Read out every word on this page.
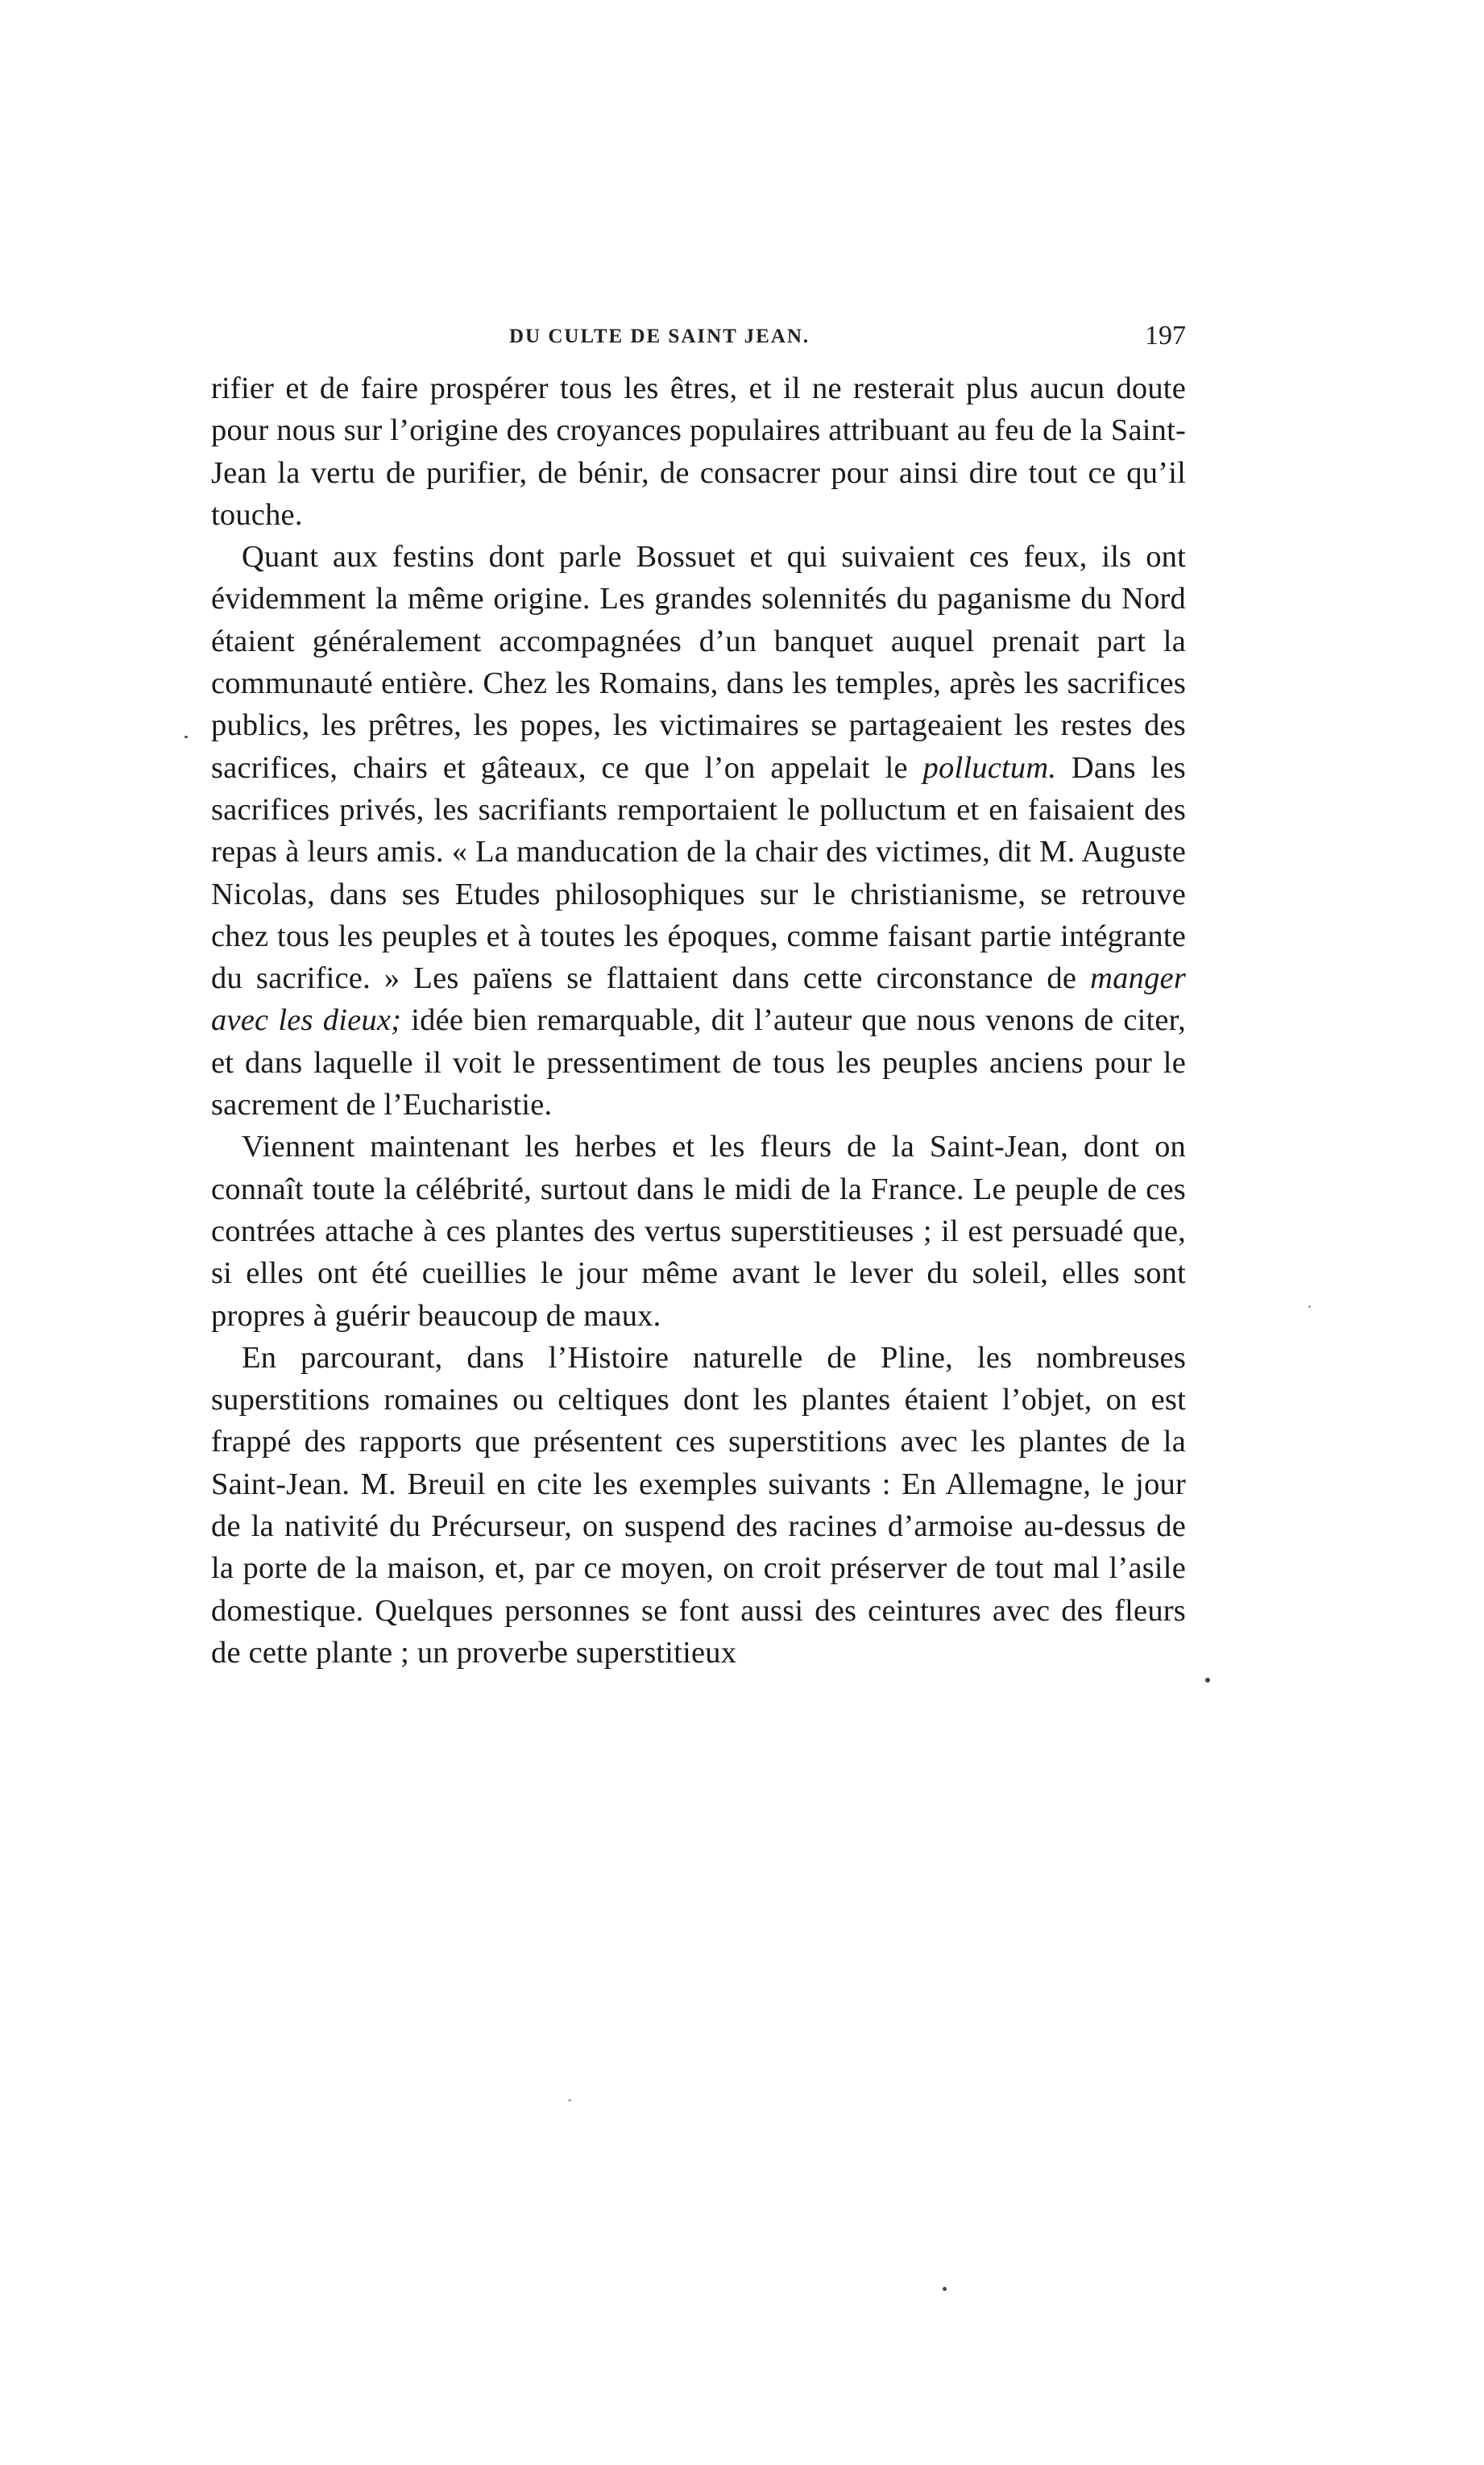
DU CULTE DE SAINT JEAN.	197

rifier et de faire prospérer tous les êtres, et il ne resterait plus aucun doute pour nous sur l’origine des croyances populaires attribuant au feu de la Saint-Jean la vertu de purifier, de bénir, de consacrer pour ainsi dire tout ce qu’il touche.

Quant aux festins dont parle Bossuet et qui suivaient ces feux, ils ont évidemment la même origine. Les grandes solennités du paganisme du Nord étaient généralement accompagnées d’un banquet auquel prenait part la communauté entière. Chez les Romains, dans les temples, après les sacrifices publics, les prêtres, les popes, les victimaires se partageaient les restes des sacrifices, chairs et gâteaux, ce que l’on appelait le polluctum. Dans les sacrifices privés, les sacrifiants remportaient le polluctum et en faisaient des repas à leurs amis. « La manducation de la chair des victimes, dit M. Auguste Nicolas, dans ses Etudes philosophiques sur le christianisme, se retrouve chez tous les peuples et à toutes les époques, comme faisant partie intégrante du sacrifice. » Les païens se flattaient dans cette circonstance de manger avec les dieux; idée bien remarquable, dit l’auteur que nous venons de citer, et dans laquelle il voit le pressentiment de tous les peuples anciens pour le sacrement de l’Eucharistie.

Viennent maintenant les herbes et les fleurs de la Saint-Jean, dont on connaît toute la célébrité, surtout dans le midi de la France. Le peuple de ces contrées attache à ces plantes des vertus superstitieuses ; il est persuadé que, si elles ont été cueillies le jour même avant le lever du soleil, elles sont propres à guérir beaucoup de maux.

En parcourant, dans l’Histoire naturelle de Pline, les nombreuses superstitions romaines ou celtiques dont les plantes étaient l’objet, on est frappé des rapports que présentent ces superstitions avec les plantes de la Saint-Jean. M. Breuil en cite les exemples suivants : En Allemagne, le jour de la nativité du Précurseur, on suspend des racines d’armoise au-dessus de la porte de la maison, et, par ce moyen, on croit préserver de tout mal l’asile domestique. Quelques personnes se font aussi des ceintures avec des fleurs de cette plante ; un proverbe superstitieux
